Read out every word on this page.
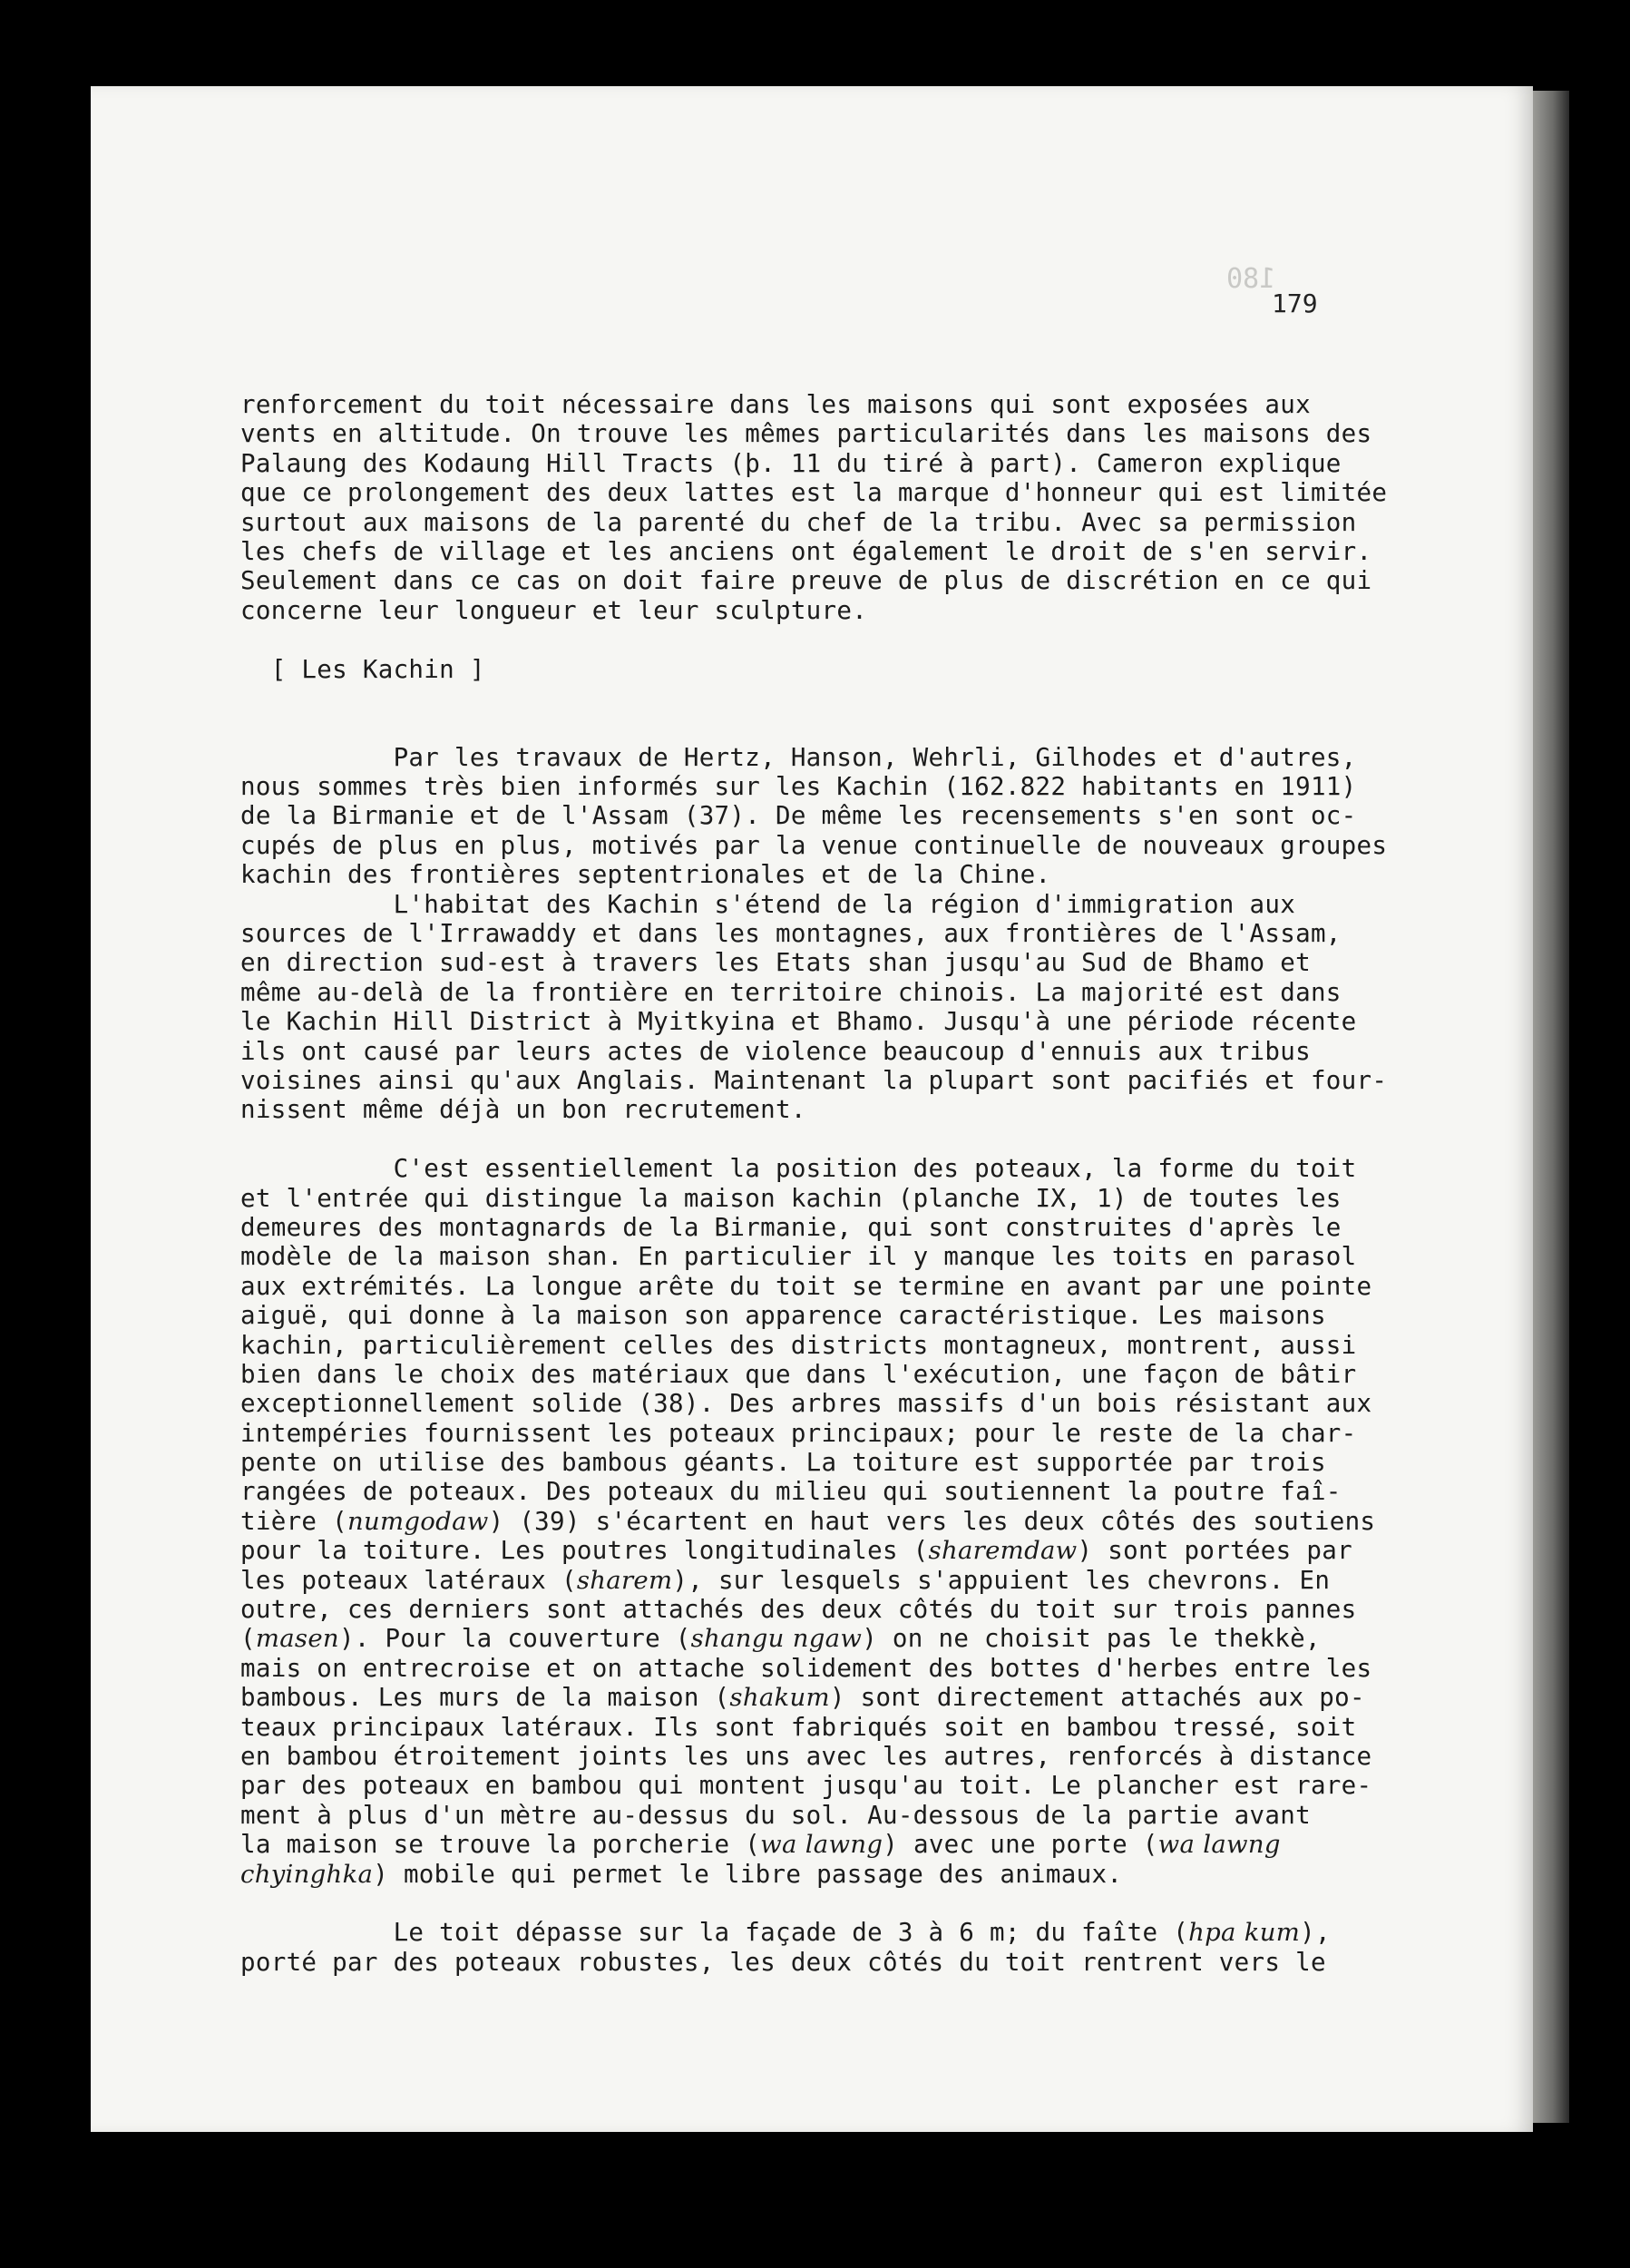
180
179
renforcement du toit nécessaire dans les maisons qui sont exposées aux
vents en altitude. On trouve les mêmes particularités dans les maisons des
Palaung des Kodaung Hill Tracts (þ. 11 du tiré à part). Cameron explique
que ce prolongement des deux lattes est la marque d'honneur qui est limitée
surtout aux maisons de la parenté du chef de la tribu. Avec sa permission
les chefs de village et les anciens ont également le droit de s'en servir.
Seulement dans ce cas on doit faire preuve de plus de discrétion en ce qui
concerne leur longueur et leur sculpture.
[ Les Kachin ]
Par les travaux de Hertz, Hanson, Wehrli, Gilhodes et d'autres,
nous sommes très bien informés sur les Kachin (162.822 habitants en 1911)
de la Birmanie et de l'Assam (37). De même les recensements s'en sont oc-
cupés de plus en plus, motivés par la venue continuelle de nouveaux groupes
kachin des frontières septentrionales et de la Chine.
L'habitat des Kachin s'étend de la région d'immigration aux
sources de l'Irrawaddy et dans les montagnes, aux frontières de l'Assam,
en direction sud-est à travers les Etats shan jusqu'au Sud de Bhamo et
même au-delà de la frontière en territoire chinois. La majorité est dans
le Kachin Hill District à Myitkyina et Bhamo. Jusqu'à une période récente
ils ont causé par leurs actes de violence beaucoup d'ennuis aux tribus
voisines ainsi qu'aux Anglais. Maintenant la plupart sont pacifiés et four-
nissent même déjà un bon recrutement.
C'est essentiellement la position des poteaux, la forme du toit
et l'entrée qui distingue la maison kachin (planche IX, 1) de toutes les
demeures des montagnards de la Birmanie, qui sont construites d'après le
modèle de la maison shan. En particulier il y manque les toits en parasol
aux extrémités. La longue arête du toit se termine en avant par une pointe
aiguë, qui donne à la maison son apparence caractéristique. Les maisons
kachin, particulièrement celles des districts montagneux, montrent, aussi
bien dans le choix des matériaux que dans l'exécution, une façon de bâtir
exceptionnellement solide (38). Des arbres massifs d'un bois résistant aux
intempéries fournissent les poteaux principaux; pour le reste de la char-
pente on utilise des bambous géants. La toiture est supportée par trois
rangées de poteaux. Des poteaux du milieu qui soutiennent la poutre faî-
tière (numgodaw) (39) s'écartent en haut vers les deux côtés des soutiens
pour la toiture. Les poutres longitudinales (sharemdaw) sont portées par
les poteaux latéraux (sharem), sur lesquels s'appuient les chevrons. En
outre, ces derniers sont attachés des deux côtés du toit sur trois pannes
(masen). Pour la couverture (shangu ngaw) on ne choisit pas le thekkè,
mais on entrecroise et on attache solidement des bottes d'herbes entre les
bambous. Les murs de la maison (shakum) sont directement attachés aux po-
teaux principaux latéraux. Ils sont fabriqués soit en bambou tressé, soit
en bambou étroitement joints les uns avec les autres, renforcés à distance
par des poteaux en bambou qui montent jusqu'au toit. Le plancher est rare-
ment à plus d'un mètre au-dessus du sol. Au-dessous de la partie avant
la maison se trouve la porcherie (wa lawng) avec une porte (wa lawng
chyinghka) mobile qui permet le libre passage des animaux.
Le toit dépasse sur la façade de 3 à 6 m; du faîte (hpa kum),
porté par des poteaux robustes, les deux côtés du toit rentrent vers le
